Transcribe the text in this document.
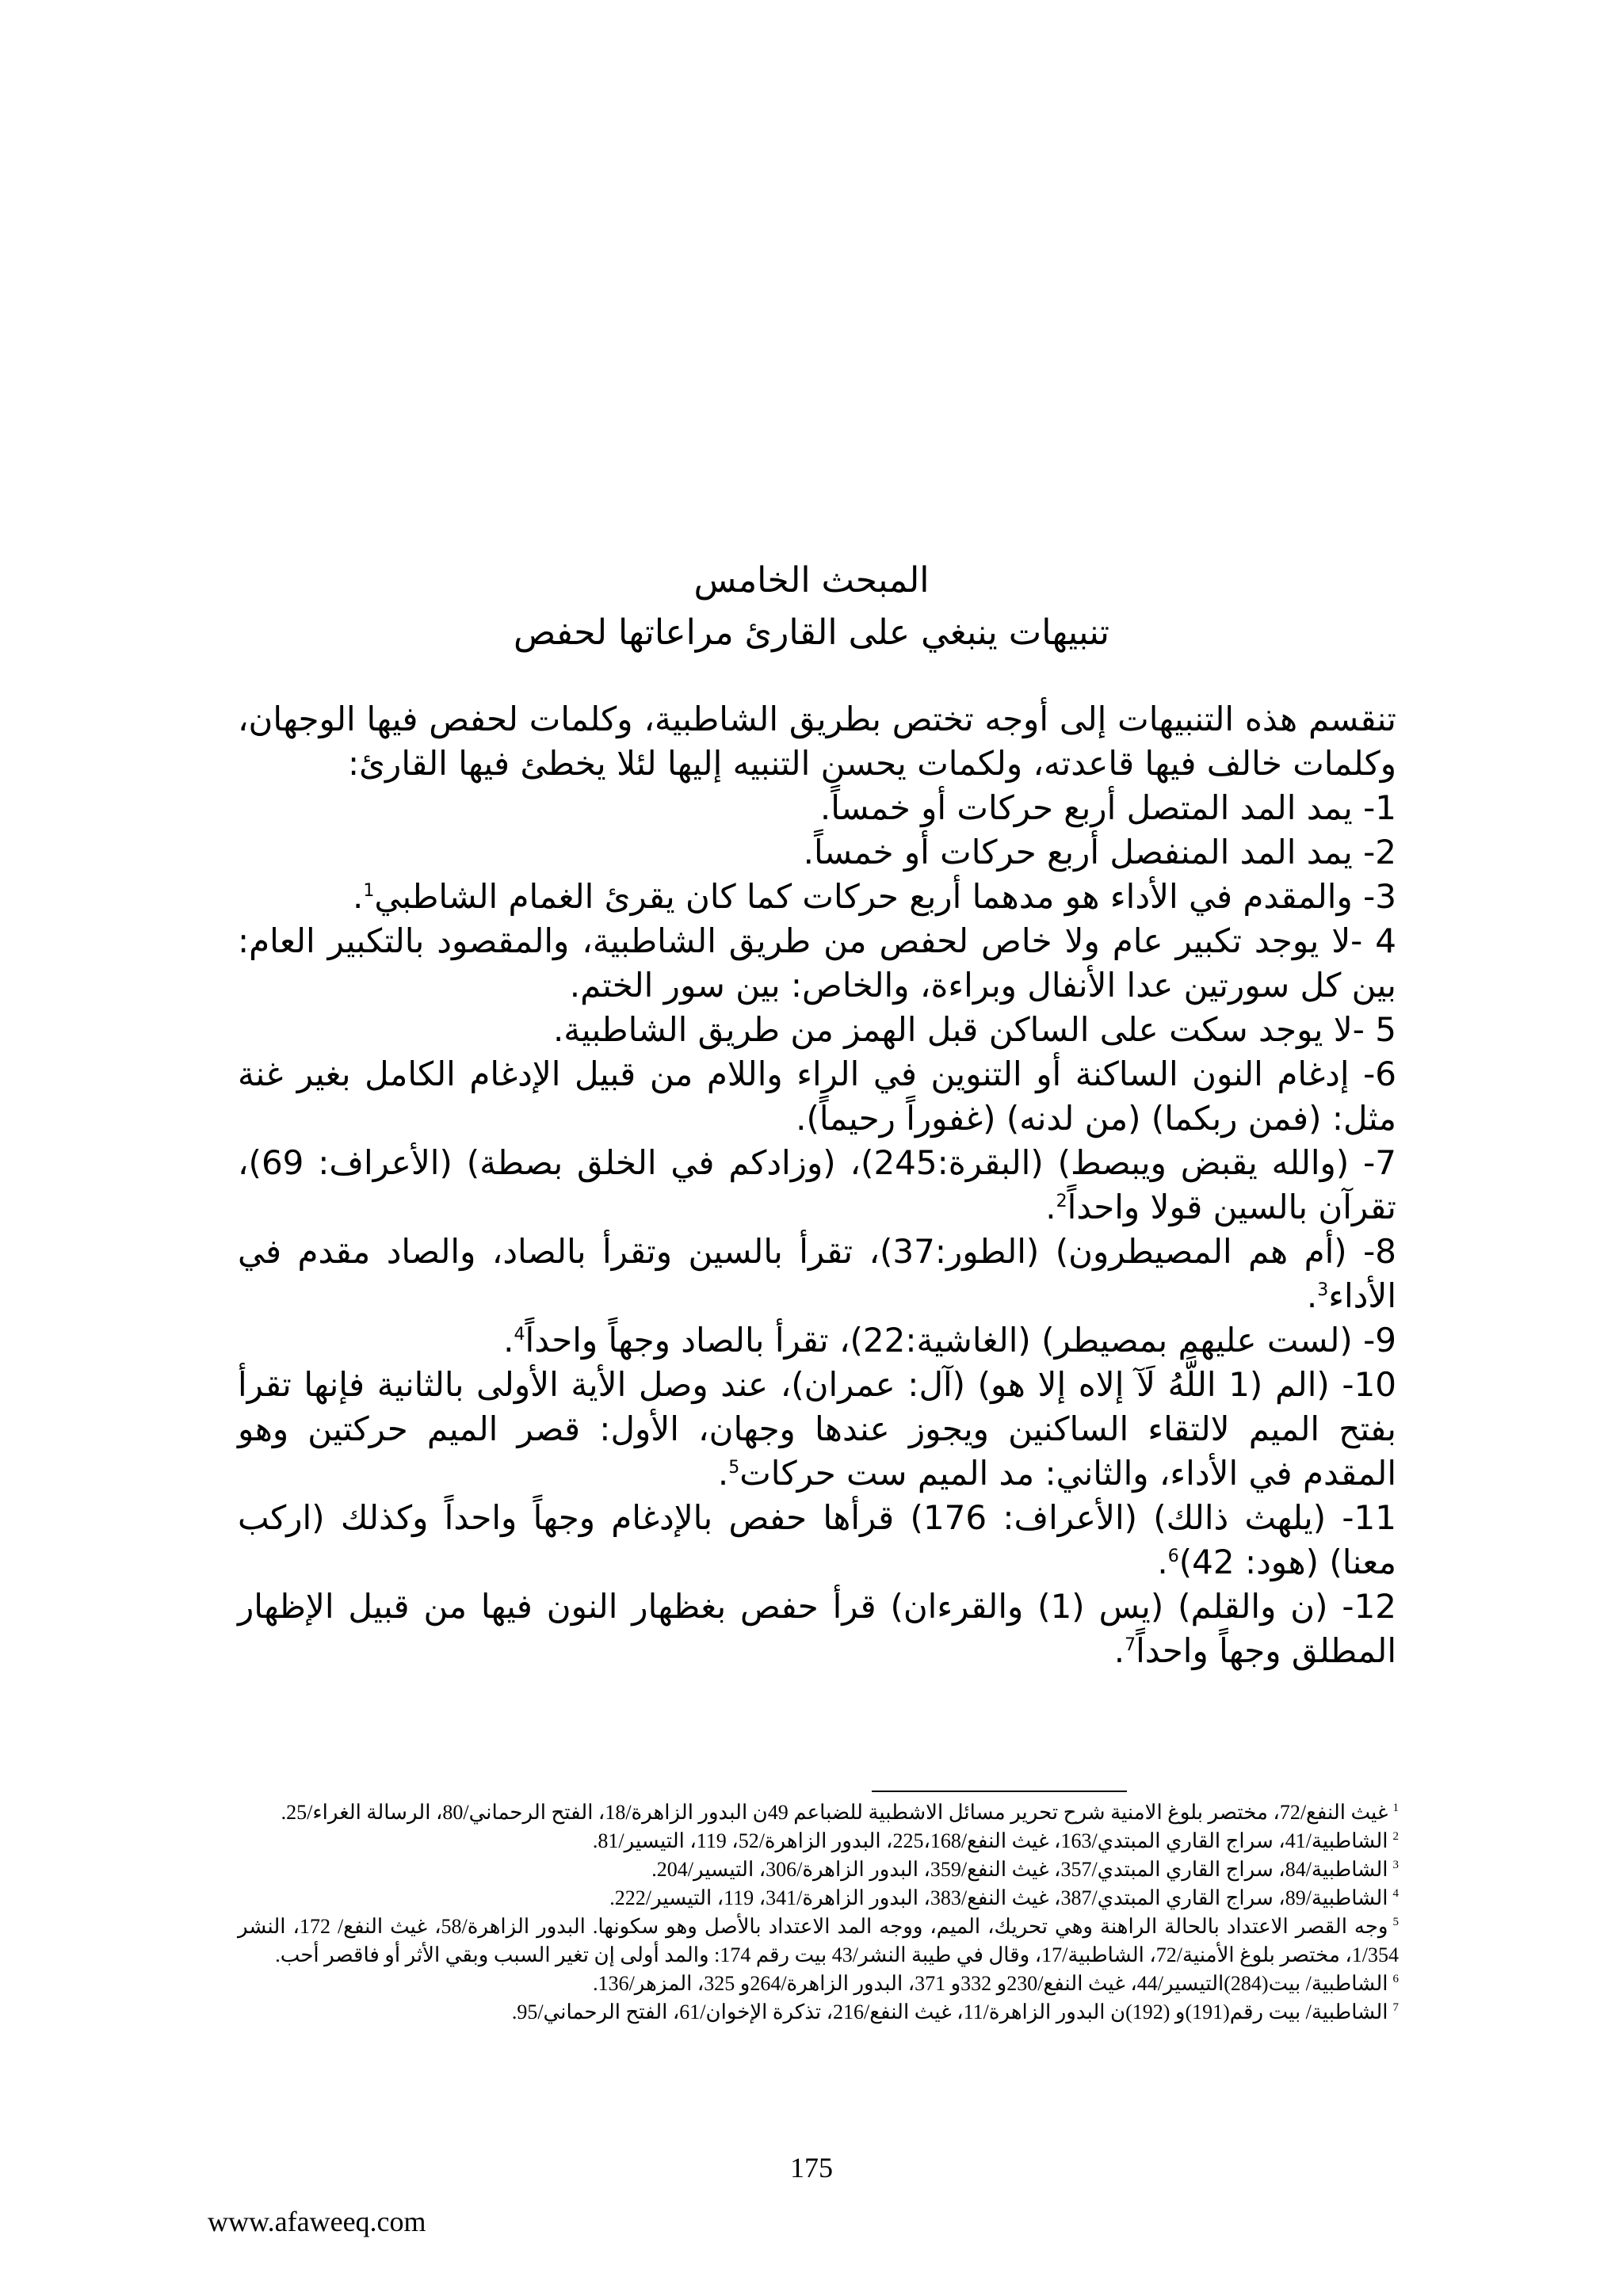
المبحث الخامس
تنبيهات ينبغي على القارئ مراعاتها لحفص

تنقسم هذه التنبيهات إلى أوجه تختص بطريق الشاطبية، وكلمات لحفص فيها الوجهان، وكلمات خالف فيها قاعدته، ولكمات يحسن التنبيه إليها لئلا يخطئ فيها القارئ:

1- يمد المد المتصل أربع حركات أو خمساً.

2- يمد المد المنفصل أربع حركات أو خمساً.

3- والمقدم في الأداء هو مدهما أربع حركات كما كان يقرئ الغمام الشاطبي$^1$.

4 -لا يوجد تكبير عام ولا خاص لحفص من طريق الشاطبية، والمقصود بالتكبير العام: بين كل سورتين عدا الأنفال وبراءة، والخاص: بين سور الختم.

5 -لا يوجد سكت على الساكن قبل الهمز من طريق الشاطبية.

6- إدغام النون الساكنة أو التنوين في الراء واللام من قبيل الإدغام الكامل بغير غنة مثل: (فمن ربكما) (من لدنه) (غفوراً رحيماً).

7- (والله يقبض ويبصط) (البقرة:245)، (وزادكم في الخلق بصطة) (الأعراف: 69)، تقرآن بالسين قولا واحداً$^2$.

8- (أم هم المصيطرون) (الطور:37)، تقرأ بالسين وتقرأ بالصاد، والصاد مقدم في الأداء$^3$.

9- (لست عليهم بمصيطر) (الغاشية:22)، تقرأ بالصاد وجهاً واحداً$^4$.

10- (الم (1 اللَّهُ لَآ إلاه إلا هو) (آل: عمران)، عند وصل الأية الأولى بالثانية فإنها تقرأ بفتح الميم لالتقاء الساكنين ويجوز عندها وجهان، الأول: قصر الميم حركتين وهو المقدم في الأداء، والثاني: مد الميم ست حركات$^5$.

11- (يلهث ذالك) (الأعراف: 176) قرأها حفص بالإدغام وجهاً واحداً وكذلك (اركب معنا) (هود: 42)$^6$.

12- (ن والقلم) (يس (1) والقرءان) قرأ حفص بغظهار النون فيها من قبيل الإظهار المطلق وجهاً واحداً$^7$.

$^1$غيث النفع/72، مختصر بلوغ الامنية شرح تحرير مسائل الاشطبية للضباعم 49ن البدور الزاهرة/18، الفتح الرحماني/80، الرسالة الغراء/25.

$^2$الشاطبية/41، سراج القاري المبتدي/163، غيث النفع/225،168، البدور الزاهرة/52، 119، التيسير/81.

$^3$الشاطبية/84، سراج القاري المبتدي/357، غيث النفع/359، البدور الزاهرة/306، التيسير/204.

$^4$الشاطبية/89، سراج القاري المبتدي/387، غيث النفع/383، البدور الزاهرة/341، 119، التيسير/222.

$^5$وجه القصر الاعتداد بالحالة الراهنة وهي تحريك، الميم، ووجه المد الاعتداد بالأصل وهو سكونها. البدور الزاهرة/58، غيث النفع/ 172، النشر 1/354، مختصر بلوغ الأمنية/72، الشاطبية/17، وقال في طيبة النشر/43 بيت رقم 174: والمد أولى إن تغير السبب وبقي الأثر أو فاقصر أحب.

$^6$الشاطبية/ بيت(284)التيسير/44، غيث النفع/230و 332و 371، البدور الزاهرة/264و 325، المزهر/136.

$^7$الشاطبية/ بيت رقم(191)و (192)ن البدور الزاهرة/11، غيث النفع/216، تذكرة الإخوان/61، الفتح الرحماني/95.

175
www.afaweeq.com
